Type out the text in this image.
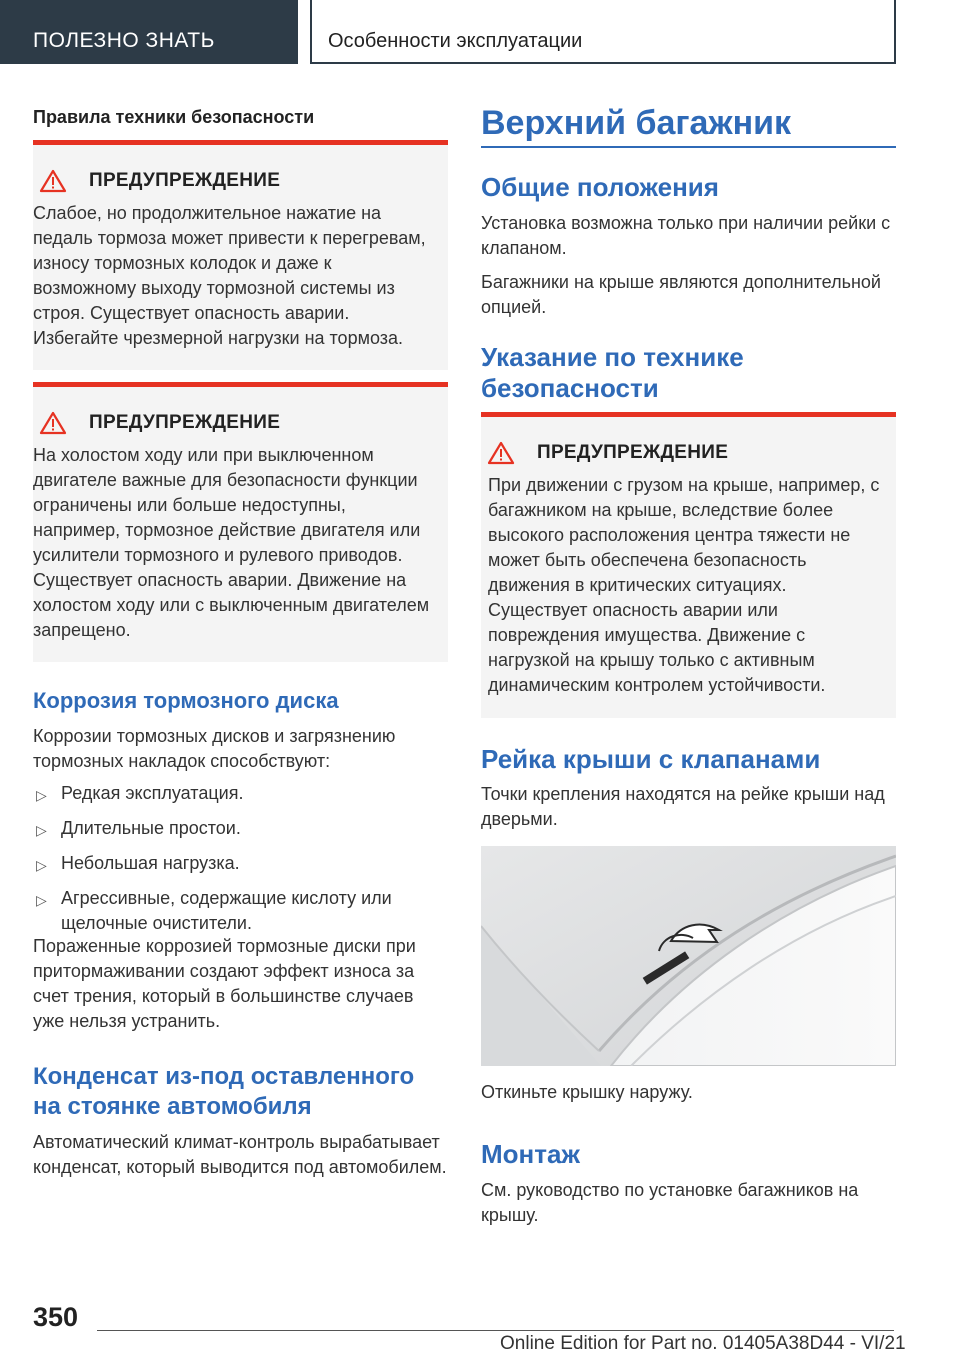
ПОЛЕЗНО ЗНАТЬ	Особенности эксплуатации
Правила техники безопасности
ПРЕДУПРЕЖДЕНИЕ
Слабое, но продолжительное нажатие на педаль тормоза может привести к перегревам, износу тормозных колодок и даже к возможному выходу тормозной системы из строя. Существует опасность аварии. Избегайте чрезмерной нагрузки на тормоза.
ПРЕДУПРЕЖДЕНИЕ
На холостом ходу или при выключенном двигателе важные для безопасности функции ограничены или больше недоступны, например, тормозное действие двигателя или усилители тормозного и рулевого приводов. Существует опасность аварии. Движение на холостом ходу или с выключенным двигателем запрещено.
Коррозия тормозного диска
Коррозии тормозных дисков и загрязнению тормозных накладок способствуют:
▷ Редкая эксплуатация.
▷ Длительные простои.
▷ Небольшая нагрузка.
▷ Агрессивные, содержащие кислоту или щелочные очистители.
Пораженные коррозией тормозные диски при притормаживании создают эффект износа за счет трения, который в большинстве случаев уже нельзя устранить.
Конденсат из-под оставленного на стоянке автомобиля
Автоматический климат-контроль вырабатывает конденсат, который выводится под автомобилем.
Верхний багажник
Общие положения
Установка возможна только при наличии рейки с клапаном.
Багажники на крыше являются дополнительной опцией.
Указание по технике безопасности
ПРЕДУПРЕЖДЕНИЕ
При движении с грузом на крыше, например, с багажником на крыше, вследствие более высокого расположения центра тяжести не может быть обеспечена безопасность движения в критических ситуациях. Существует опасность аварии или повреждения имущества. Движение с нагрузкой на крышу только с активным динамическим контролем устойчивости.
Рейка крыши с клапанами
Точки крепления находятся на рейке крыши над дверьми.
Откиньте крышку наружу.
Монтаж
См. руководство по установке багажников на крышу.
350
Online Edition for Part no. 01405A38D44 - VI/21
